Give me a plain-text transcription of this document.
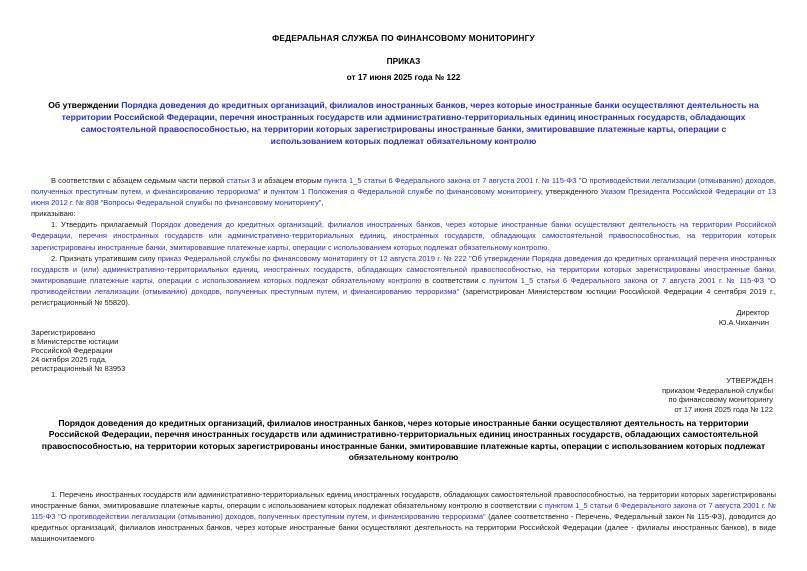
ФЕДЕРАЛЬНАЯ СЛУЖБА ПО ФИНАНСОВОМУ МОНИТОРИНГУ
ПРИКАЗ
от 17 июня 2025 года № 122
Об утверждении Порядка доведения до кредитных организаций, филиалов иностранных банков, через которые иностранные банки осуществляют деятельность на территории Российской Федерации, перечня иностранных государств или административно-территориальных единиц иностранных государств, обладающих самостоятельной правоспособностью, на территории которых зарегистрированы иностранные банки, эмитировавшие платежные карты, операции с использованием которых подлежат обязательному контролю

В соответствии с абзацем седьмым части первой статьи 3 и абзацем вторым пункта 1_5 статьи 6 Федерального закона от 7 августа 2001 г. № 115-ФЗ "О противодействии легализации (отмыванию) доходов, полученных преступным путем, и финансированию терроризма" и пунктом 1 Положения о Федеральной службе по финансовому мониторингу, утвержденного Указом Президента Российской Федерации от 13 июня 2012 г. № 808 "Вопросы Федеральной службы по финансовому мониторингу",

приказываю:

1. Утвердить прилагаемый Порядок доведения до кредитных организаций, филиалов иностранных банков, через которые иностранные банки осуществляют деятельность на территории Российской Федерации, перечня иностранных государств или административно-территориальных единиц, иностранных государств, обладающих самостоятельной правоспособностью, на территории которых зарегистрированы иностранные банки, эмитировавшие платежные карты, операции с использованием которых подлежат обязательному контролю.

2. Признать утратившим силу приказ Федеральной службы по финансовому мониторингу от 12 августа 2019 г. № 222 "Об утверждении Порядка доведения до кредитных организаций перечня иностранных государств и (или) административно-территориальных единиц, иностранных государств, обладающих самостоятельной правоспособностью, на территории которых зарегистрированы иностранные банки, эмитировавшие платежные карты, операции с использованием которых подлежат обязательному контролю в соответствии с пунктом 1_5 статьи 6 Федерального закона от 7 августа 2001 г. № 115-ФЗ "О противодействии легализации (отмыванию) доходов, полученных преступным путем, и финансированию терроризма" (зарегистрирован Министерством юстиции Российской Федерации 4 сентября 2019 г., регистрационный № 55820).

Директор
Ю.А.Чиханчин
Зарегистрировано
в Министерстве юстиции
Российской Федерации
24 октября 2025 года,
регистрационный № 83953
УТВЕРЖДЕН
приказом Федеральной службы
по финансовому мониторингу
от 17 июня 2025 года № 122
Порядок доведения до кредитных организаций, филиалов иностранных банков, через которые иностранные банки осуществляют деятельность на территории Российской Федерации, перечня иностранных государств или административно-территориальных единиц иностранных государств, обладающих самостоятельной правоспособностью, на территории которых зарегистрированы иностранные банки, эмитировавшие платежные карты, операции с использованием которых подлежат обязательному контролю

1. Перечень иностранных государств или административно-территориальных единиц иностранных государств, обладающих самостоятельной правоспособностью, на территории которых зарегистрированы иностранные банки, эмитировавшие платежные карты, операции с использованием которых подлежат обязательному контролю в соответствии с пунктом 1_5 статьи 6 Федерального закона от 7 августа 2001 г. № 115-ФЗ "О противодействии легализации (отмыванию) доходов, полученных преступным путем, и финансированию терроризма" (далее соответственно - Перечень, Федеральный закон № 115-ФЗ), доводится до кредитных организаций, филиалов иностранных банков, через которые иностранные банки осуществляют деятельность на территории Российской Федерации (далее - филиалы иностранных банков), в виде машиночитаемого
